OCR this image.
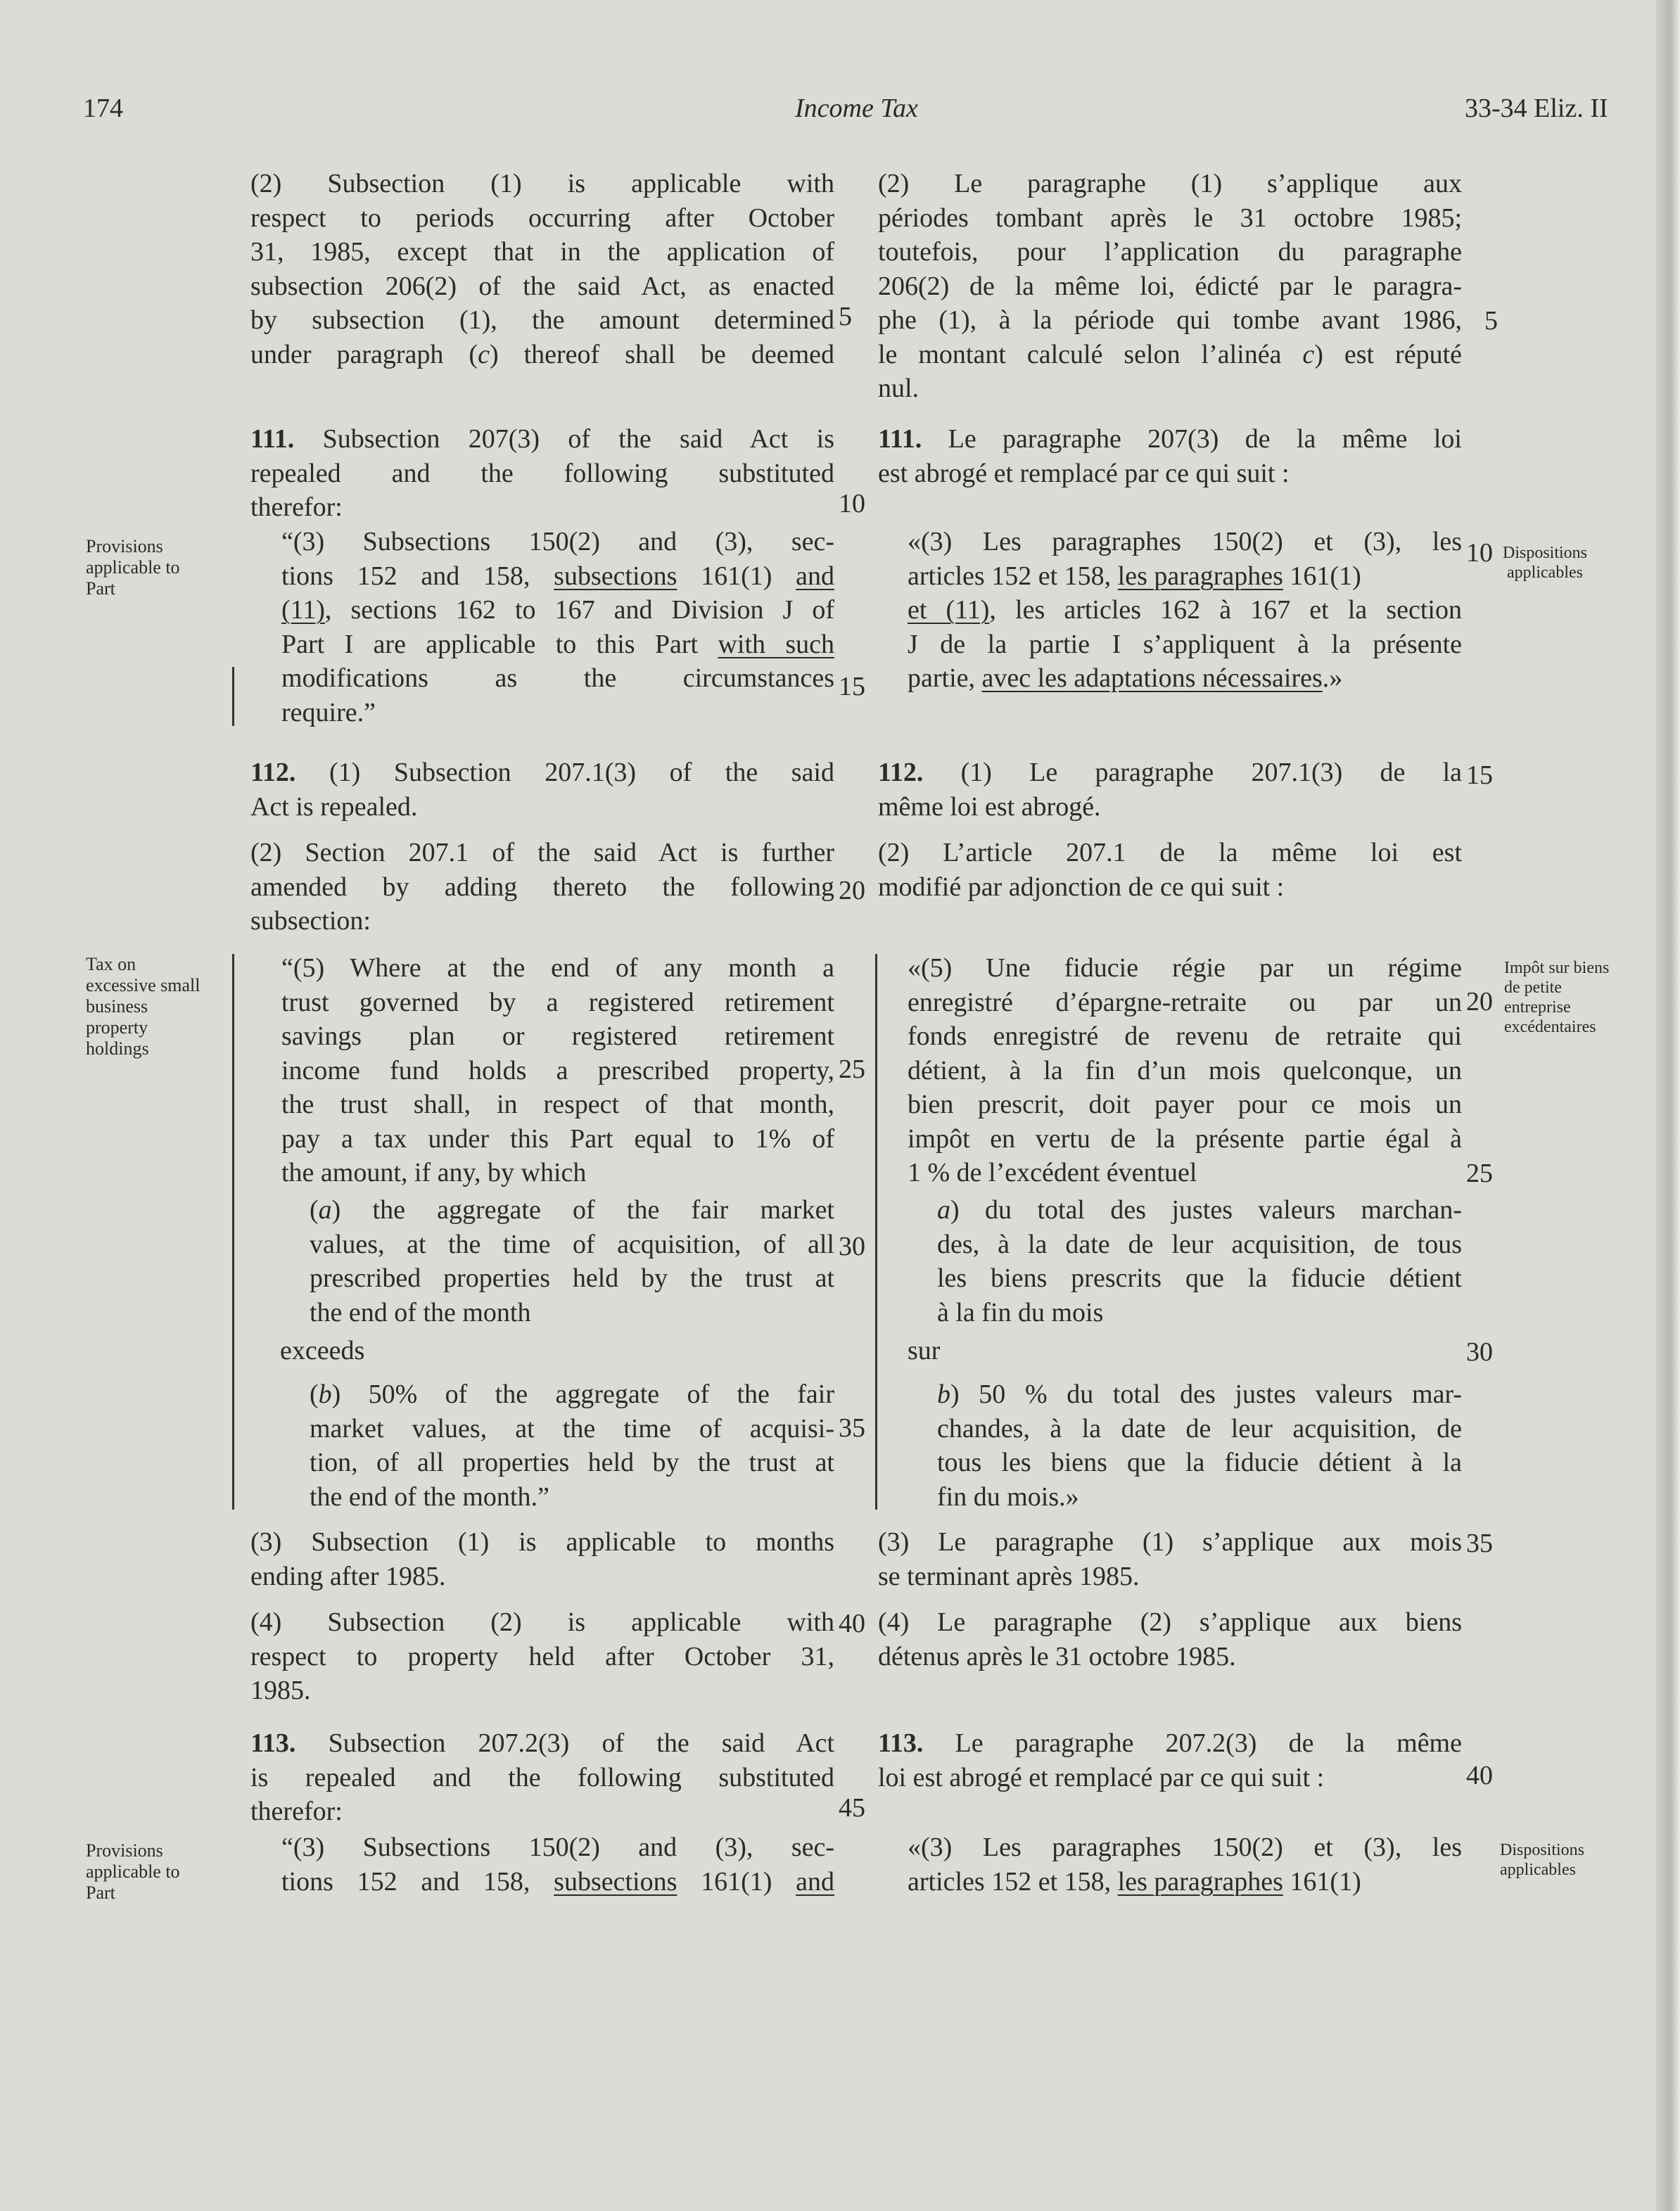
174	Income Tax	33-34 Eliz. II

(2) Subsection (1) is applicable with

respect to periods occurring after October

31, 1985, except that in the application of

subsection 206(2) of the said Act, as enacted

by subsection (1), the amount determined

under paragraph (c) thereof shall be deemed

111. Subsection 207(3) of the said Act is

repealed and the following substituted

therefor:

“(3) Subsections 150(2) and (3), sec-

tions 152 and 158, subsections 161(1) and

(11), sections 162 to 167 and Division J of

Part I are applicable to this Part with such

modifications as the circumstances

require.”

112. (1) Subsection 207.1(3) of the said

Act is repealed.

(2) Section 207.1 of the said Act is further

amended by adding thereto the following

subsection:

“(5) Where at the end of any month a

trust governed by a registered retirement

savings plan or registered retirement

income fund holds a prescribed property,

the trust shall, in respect of that month,

pay a tax under this Part equal to 1% of

the amount, if any, by which

(a) the aggregate of the fair market

values, at the time of acquisition, of all

prescribed properties held by the trust at

the end of the month

exceeds

(b) 50% of the aggregate of the fair

market values, at the time of acquisi-

tion, of all properties held by the trust at

the end of the month.”

(3) Subsection (1) is applicable to months

ending after 1985.

(4) Subsection (2) is applicable with

respect to property held after October 31,

1985.

113. Subsection 207.2(3) of the said Act

is repealed and the following substituted

therefor:

“(3) Subsections 150(2) and (3), sec-

tions 152 and 158, subsections 161(1) and

(2) Le paragraphe (1) s’applique aux

périodes tombant après le 31 octobre 1985;

toutefois, pour l’application du paragraphe

206(2) de la même loi, édicté par le paragra-

phe (1), à la période qui tombe avant 1986,

le montant calculé selon l’alinéa c) est réputé

nul.

111. Le paragraphe 207(3) de la même loi

est abrogé et remplacé par ce qui suit :

«(3) Les paragraphes 150(2) et (3), les

articles 152 et 158, les paragraphes 161(1)

et (11), les articles 162 à 167 et la section

J de la partie I s’appliquent à la présente

partie, avec les adaptations nécessaires.»

112. (1) Le paragraphe 207.1(3) de la

même loi est abrogé.

(2) L’article 207.1 de la même loi est

modifié par adjonction de ce qui suit :

«(5) Une fiducie régie par un régime

enregistré d’épargne-retraite ou par un

fonds enregistré de revenu de retraite qui

détient, à la fin d’un mois quelconque, un

bien prescrit, doit payer pour ce mois un

impôt en vertu de la présente partie égal à

1 % de l’excédent éventuel

a) du total des justes valeurs marchan-

des, à la date de leur acquisition, de tous

les biens prescrits que la fiducie détient

à la fin du mois

sur

b) 50 % du total des justes valeurs mar-

chandes, à la date de leur acquisition, de

tous les biens que la fiducie détient à la

fin du mois.»

(3) Le paragraphe (1) s’applique aux mois

se terminant après 1985.

(4) Le paragraphe (2) s’applique aux biens

détenus après le 31 octobre 1985.

113. Le paragraphe 207.2(3) de la même

loi est abrogé et remplacé par ce qui suit :

«(3) Les paragraphes 150(2) et (3), les

articles 152 et 158, les paragraphes 161(1)

5
10
15
20
25
30
35
40
45
5
10
15
20
25
30
35
40
Provisions
applicable to
Part
Tax on
excessive small
business
property
holdings
Provisions
applicable to
Part
Dispositions
applicables
Impôt sur biens
de petite
entreprise
excédentaires
Dispositions
applicables
